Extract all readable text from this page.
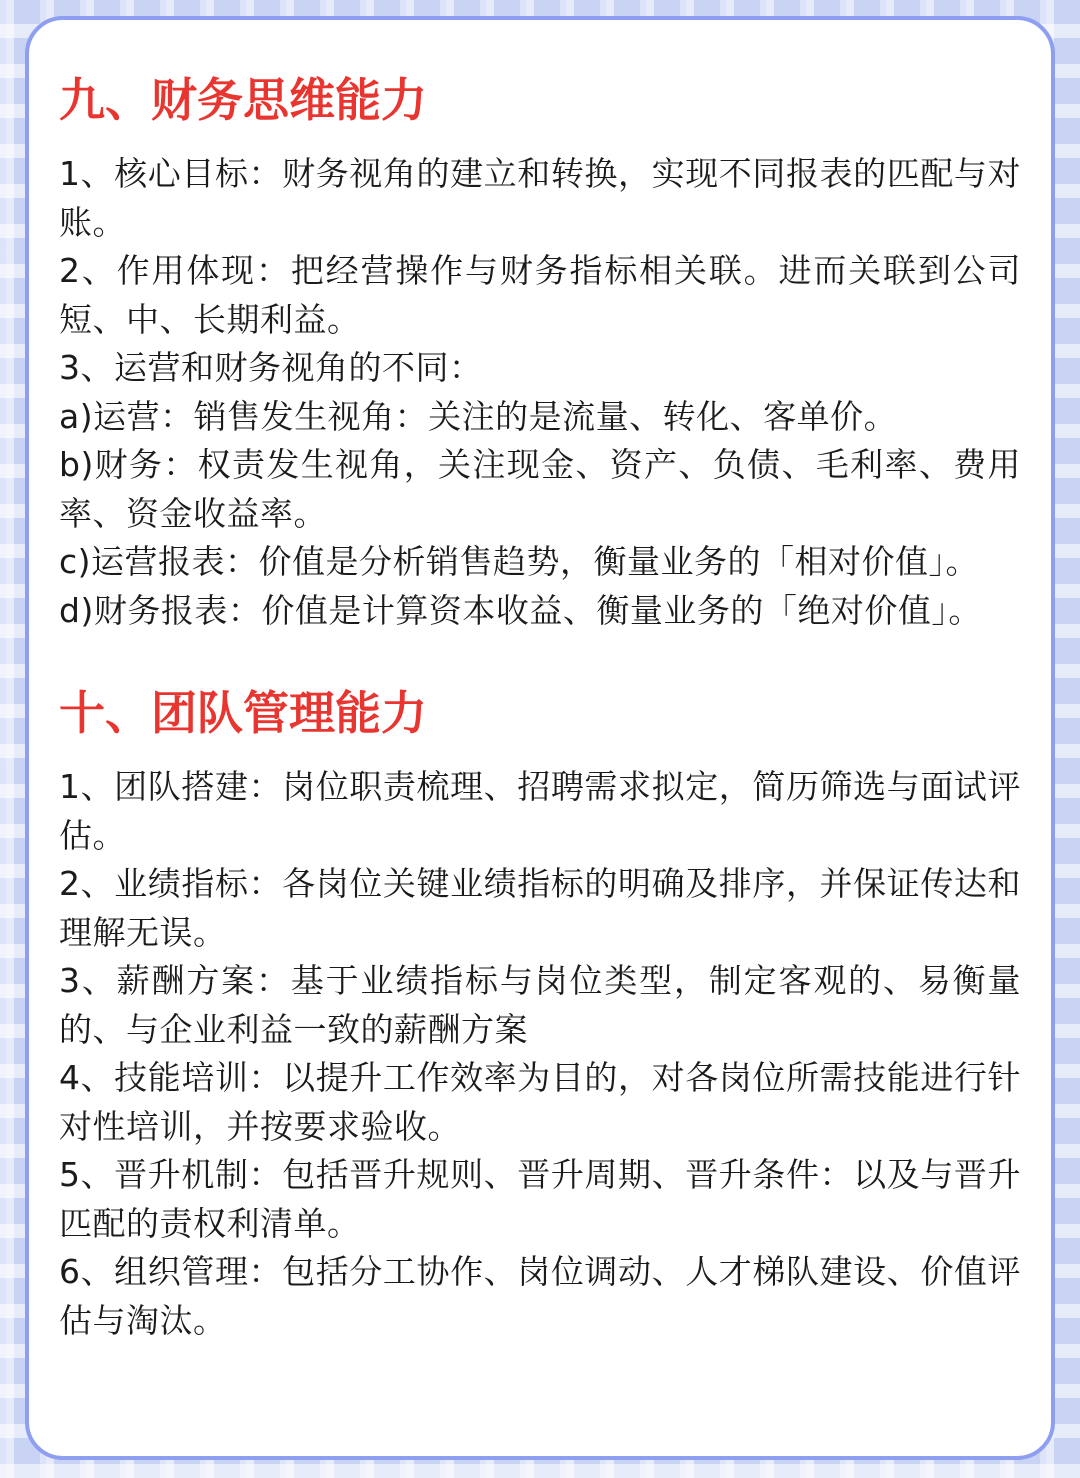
九、财务思维能力

1、核心目标：财务视角的建立和转换，实现不同报表的匹配与对账。

2、作用体现：把经营操作与财务指标相关联。进而关联到公司短、中、长期利益。

3、运营和财务视角的不同：

a)运营：销售发生视角：关注的是流量、转化、客单价。

b)财务：权责发生视角，关注现金、资产、负债、毛利率、费用率、资金收益率。

c)运营报表：价值是分析销售趋势，衡量业务的「相对价值」。

d)财务报表：价值是计算资本收益、衡量业务的「绝对价值」。

十、团队管理能力

1、团队搭建：岗位职责梳理、招聘需求拟定，简历筛选与面试评估。

2、业绩指标：各岗位关键业绩指标的明确及排序，并保证传达和理解无误。

3、薪酬方案：基于业绩指标与岗位类型，制定客观的、易衡量的、与企业利益一致的薪酬方案

4、技能培训：以提升工作效率为目的，对各岗位所需技能进行针对性培训，并按要求验收。

5、晋升机制：包括晋升规则、晋升周期、晋升条件：以及与晋升匹配的责权利清单。

6、组织管理：包括分工协作、岗位调动、人才梯队建设、价值评估与淘汰。
